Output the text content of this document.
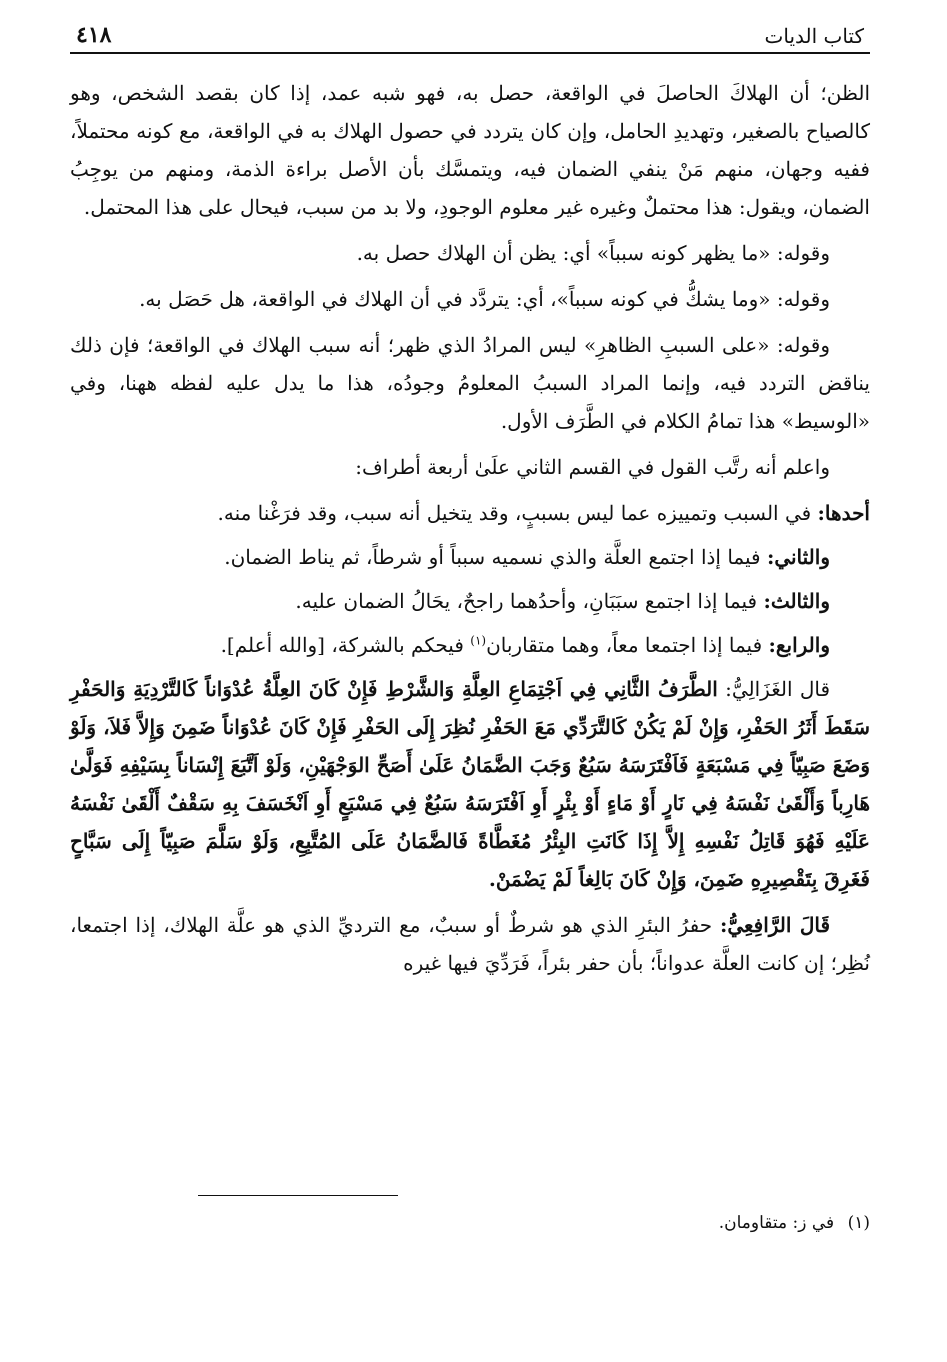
كتاب الديات
٤١٨

الظن؛ أن الهلاكَ الحاصلَ في الواقعة، حصل به، فهو شبه عمد، إذا كان بقصد الشخص، وهو كالصياح بالصغير، وتهديدِ الحامل، وإن كان يتردد في حصول الهلاك به في الواقعة، مع كونه محتملاً، ففيه وجهان، منهم مَنْ ينفي الضمان فيه، ويتمسَّك بأن الأصل براءة الذمة، ومنهم من يوجِبُ الضمان، ويقول: هذا محتملٌ وغيره غير معلوم الوجودِ، ولا بد من سبب، فيحال على هذا المحتمل.

وقوله: «ما يظهر كونه سبباً» أي: يظن أن الهلاك حصل به.

وقوله: «وما يشكُّ في كونه سبباً»، أي: يتردَّد في أن الهلاك في الواقعة، هل حَصَل به.

وقوله: «على السببِ الظاهرِ» ليس المرادُ الذي ظهر؛ أنه سبب الهلاك في الواقعة؛ فإن ذلك يناقض التردد فيه، وإنما المراد السببُ المعلومُ وجودُه، هذا ما يدل عليه لفظه ههنا، وفي «الوسيط» هذا تمامُ الكلام في الطَّرَف الأول.

واعلم أنه رتَّب القول في القسم الثاني علَىٰ أربعة أطراف:

أحدها: في السبب وتمييزه عما ليس بسببٍ، وقد يتخيل أنه سبب، وقد فرَغْنا منه.

والثاني: فيما إذا اجتمع العلَّة والذي نسميه سبباً أو شرطاً، ثم يناط الضمان.

والثالث: فيما إذا اجتمع سبَبَانِ، وأحدُهما راجحٌ، يحَالُ الضمان عليه.

والرابع: فيما إذا اجتمعا معاً، وهما متقاربان$^{(١)}$ فيحكم بالشركة، [والله أعلم].

قال الغَزَالِيُّ: الطَّرَفُ الثَّانِي فِي اَجْتِمَاعِ العِلَّةِ وَالشَّرْطِ فَإِنْ كَانَ العِلَّةُ عُدْوَاناً كَالتَّرْدِيَةِ وَالحَفْرِ سَقَطَ أَثَرُ الحَفْرِ، وَإِنْ لَمْ يَكُنْ كَالتَّرَدِّي مَعَ الحَفْرِ نُظِرَ إِلَى الحَفْرِ فَإِنْ كَانَ عُدْوَاناً ضَمِنَ وَإِلاَّ فَلاَ، وَلَوْ وَضَعَ صَبِيّاً فِي مَسْبَعَةٍ فَاَفْتَرَسَهُ سَبُعٌ وَجَبَ الضَّمَانُ عَلَىٰ أَصَحِّ الوَجْهَيْنِ، وَلَوْ اَتَّبَعَ إِنْسَاناً بِسَيْفِهِ فَوَلَّىٰ هَارِباً وَأَلْقَىٰ نَفْسَهُ فِي نَارٍ أَوْ مَاءٍ أَوْ بِئْرٍ أَوِ اَفْتَرَسَهُ سَبُعٌ فِي مَسْبَعٍ أَوِ اَنْخَسَفَ بِهِ سَقْفٌ أَلْقَىٰ نَفْسَهُ عَلَيْهِ فَهُوَ قَاتِلُ نَفْسِهِ إِلاَّ إِذَا كَانَتِ البِئْرُ مُغَطَّاةً فَالضَّمَانُ عَلَى المُتَّبِعِ، وَلَوْ سَلَّمَ صَبِيّاً إِلَى سَبَّاحٍ فَغَرِقَ بِتَقْصِيرِهِ ضَمِنَ، وَإِنْ كَانَ بَالِغاً لَمْ يَضْمَنْ.

قَالَ الرَّافِعِيُّ: حفرُ البئرِ الذي هو شرطٌ أو سببٌ، مع الترديِّ الذي هو علَّة الهلاك، إذا اجتمعا، نُظِر؛ إن كانت العلَّة عدواناً؛ بأن حفر بئراً، فَرَدِّيَ فيها غيره

(١) في ز: متقاومان.
